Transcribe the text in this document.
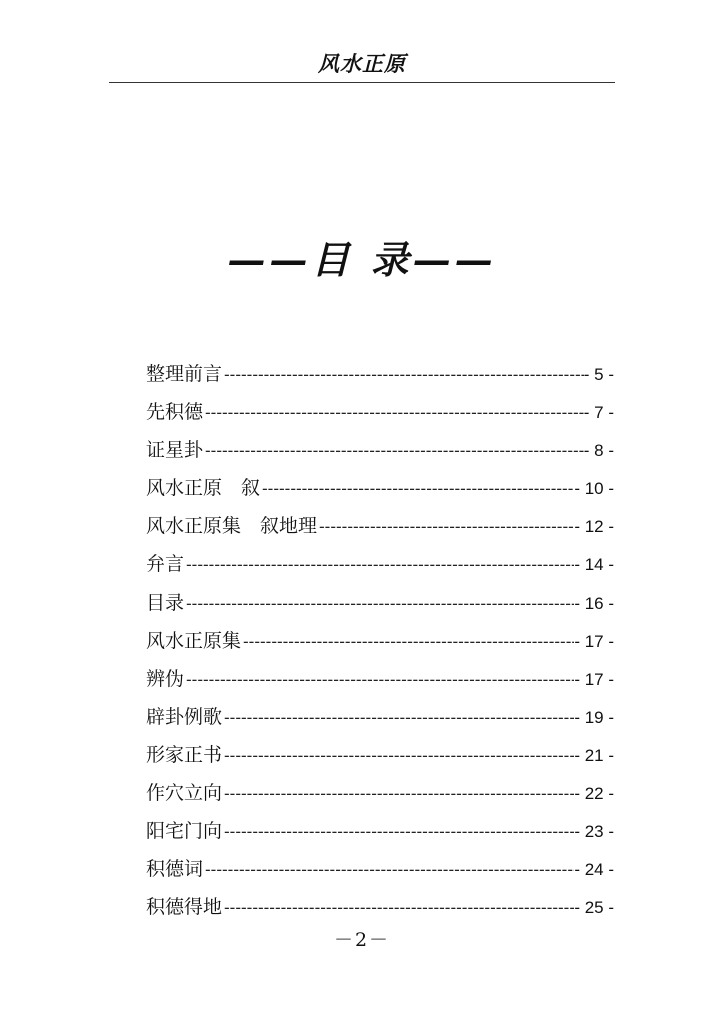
风水正原
——目 录——
整理前言 -----	- 5 -
先积德 -----	- 7 -
证星卦 -----	- 8 -
风水正原　叙 -----	- 10 -
风水正原集　叙地理 -----	- 12 -
弁言 -----	- 14 -
目录 -----	- 16 -
风水正原集 -----	- 17 -
辨伪 -----	- 17 -
辟卦例歌 -----	- 19 -
形家正书 -----	- 21 -
作穴立向 -----	- 22 -
阳宅门向 -----	- 23 -
积德词 -----	- 24 -
积德得地 -----	- 25 -
－2－
